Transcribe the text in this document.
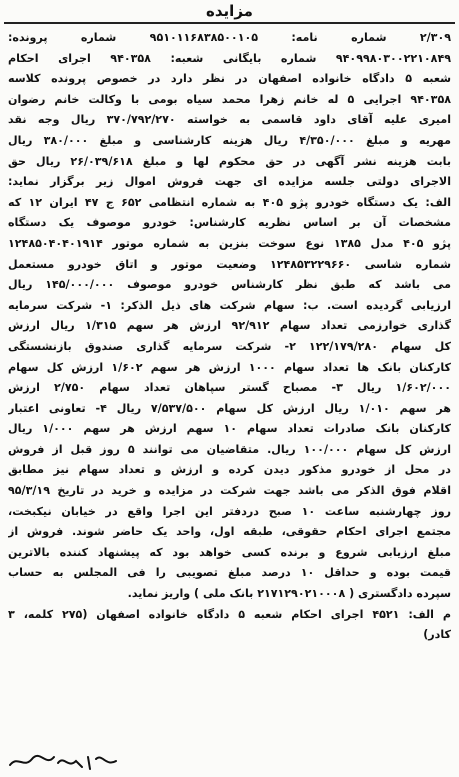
مزایده
۲/۳۰۹ شماره نامه: ۹۵۱۰۱۱۶۸۳۸۵۰۰۱۰۵ شماره پرونده:
۹۴۰۹۹۸۰۳۰۰۲۲۱۰۸۴۹ شماره بایگانی شعبه: ۹۴۰۳۵۸ اجرای احکام
شعبه ۵ دادگاه خانواده اصفهان در نظر دارد در خصوص پرونده کلاسه
۹۴۰۳۵۸ اجرایی ۵ له خانم زهرا محمد سیاه بومی با وکالت خانم رضوان
امیری علیه آقای داود قاسمی به خواسته ۳۷۰/۷۹۲/۲۷۰ ریال وجه نقد
مهریه و مبلغ ۴/۳۵۰/۰۰۰ ریال هزینه کارشناسی و مبلغ ۳۸۰/۰۰۰ ریال
بابت هزینه نشر آگهی در حق محکوم لها و مبلغ ۲۶/۰۳۹/۶۱۸ ریال حق
الاجرای دولتی جلسه مزایده ای جهت فروش اموال زیر برگزار نماید:
الف: یک دستگاه خودرو پژو ۴۰۵ به شماره انتظامی ۶۵۲ ج ۴۷ ایران ۱۲ که
مشخصات آن بر اساس نظریه کارشناس: خودرو موصوف یک دستگاه
پژو ۴۰۵ مدل ۱۳۸۵ نوع سوخت بنزین به شماره موتور ۱۲۴۸۵۰۴۰۴۰۱۹۱۴
شماره شاسی ۱۲۴۸۵۳۲۲۹۶۶۰ وضعیت موتور و اتاق خودرو مستعمل
می باشد که طبق نظر کارشناس خودرو موصوف ۱۴۵/۰۰۰/۰۰۰ ریال
ارزیابی گردیده است. ب: سهام شرکت های ذیل الذکر: ۱- شرکت سرمایه
گذاری خوارزمی تعداد سهام ۹۲/۹۱۲ ارزش هر سهم ۱/۳۱۵ ریال ارزش
کل سهام ۱۲۲/۱۷۹/۲۸۰ ۲- شرکت سرمایه گذاری صندوق بازنشستگی
کارکنان بانک ها تعداد سهام ۱۰۰۰ ارزش هر سهم ۱/۶۰۲ ارزش کل سهام
۱/۶۰۲/۰۰۰ ریال ۳- مصباح گستر سپاهان تعداد سهام ۲/۷۵۰ ارزش
هر سهم ۱/۰۱۰ ریال ارزش کل سهام ۷/۵۳۷/۵۰۰ ریال ۴- تعاونی اعتبار
کارکنان بانک صادرات تعداد سهام ۱۰ سهم ارزش هر سهم ۱/۰۰۰ ریال
ارزش کل سهام ۱۰۰/۰۰۰ ریال. متقاضیان می توانند ۵ روز قبل از فروش
در محل از خودرو مذکور دیدن کرده و ارزش و تعداد سهام نیز مطابق
اقلام فوق الذکر می باشد جهت شرکت در مزایده و خرید در تاریخ ۹۵/۳/۱۹
روز چهارشنبه ساعت ۱۰ صبح دردفتر این اجرا واقع در خیابان نیکبخت،
مجتمع اجرای احکام حقوقی، طبقه اول، واحد یک حاضر شوند. فروش از
مبلغ ارزیابی شروع و برنده کسی خواهد بود که پیشنهاد کننده بالاترین
قیمت بوده و حداقل ۱۰ درصد مبلغ تصویبی را فی المجلس به حساب
سپرده دادگستری ( ۲۱۷۱۲۹۰۲۱۰۰۰۸ بانک ملی ) واریز نماید.
م الف: ۴۵۲۱ اجرای احکام شعبه ۵ دادگاه خانواده اصفهان (۲۷۵ کلمه، ۳
کادر)
